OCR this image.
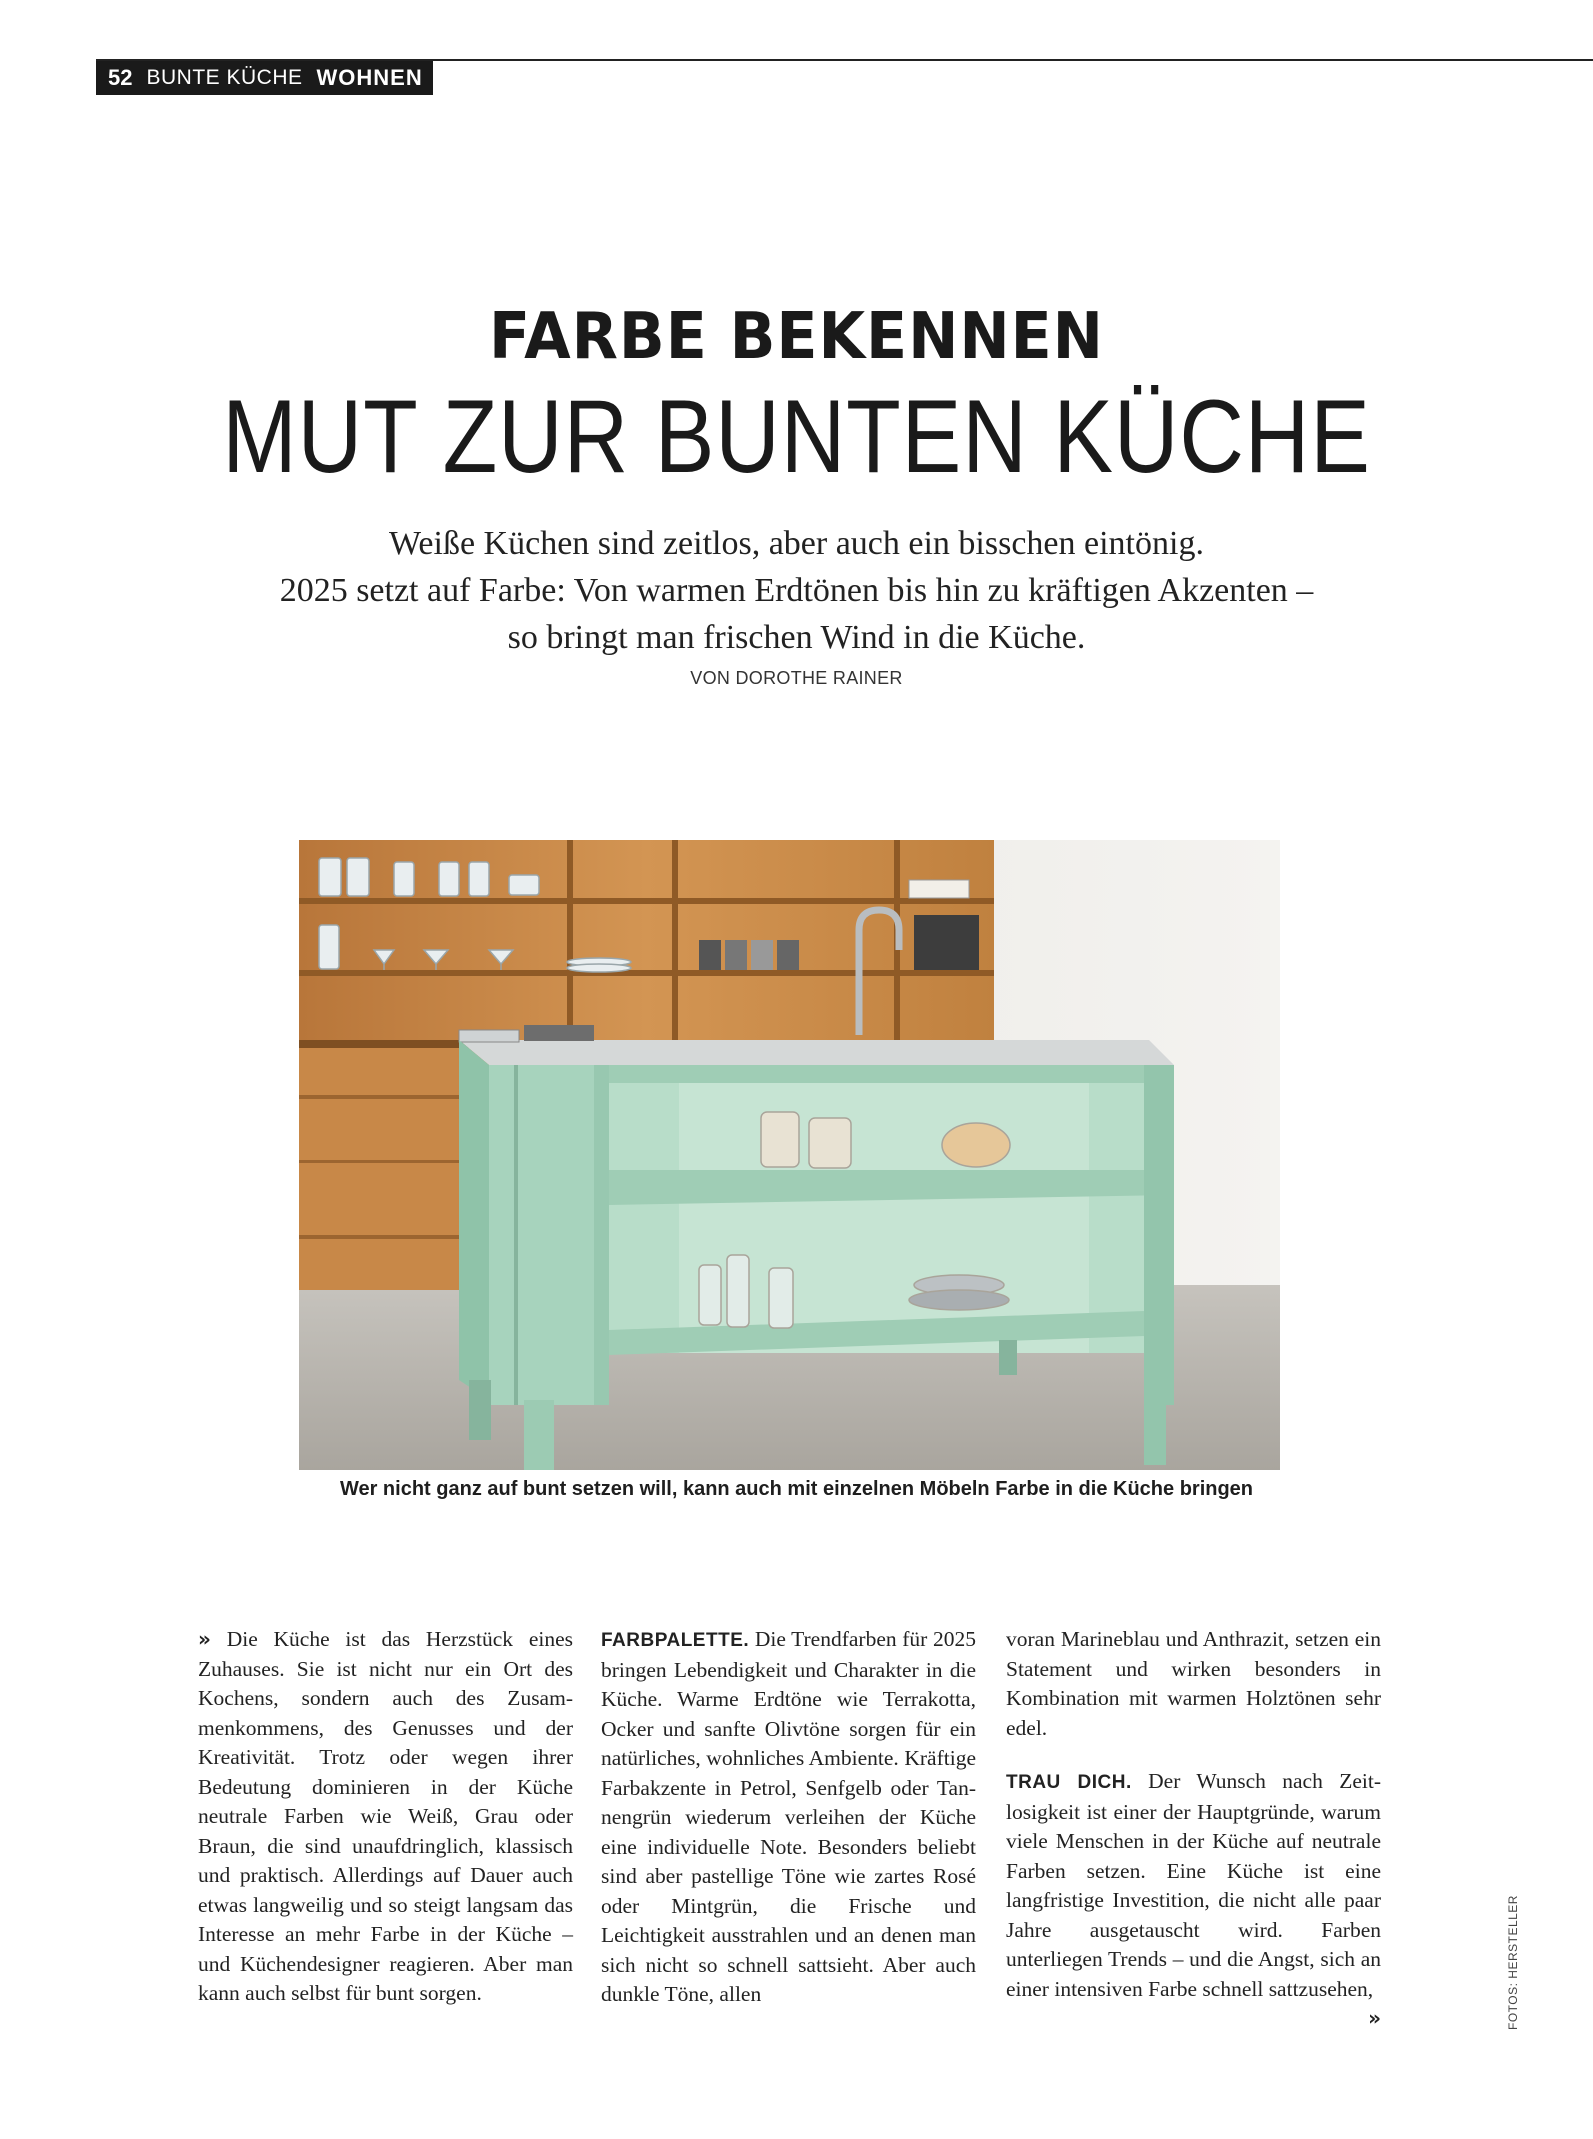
52 BUNTE KÜCHE WOHNEN
FARBE BEKENNEN
MUT ZUR BUNTEN KÜCHE
Weiße Küchen sind zeitlos, aber auch ein bisschen eintönig.
2025 setzt auf Farbe: Von warmen Erdtönen bis hin zu kräftigen Akzenten –
so bringt man frischen Wind in die Küche.
VON DOROTHE RAINER
Wer nicht ganz auf bunt setzen will, kann auch mit einzelnen Möbeln Farbe in die Küche bringen

» Die Küche ist das Herzstück eines Zuhauses. Sie ist nicht nur ein Ort des Kochens, sondern auch des Zusammenkommens, des Genusses und der Kreativität. Trotz oder wegen ihrer Bedeutung dominieren in der Küche neutrale Farben wie Weiß, Grau oder Braun, die sind unaufdringlich, klassisch und praktisch. Allerdings auf Dauer auch etwas langweilig und so steigt langsam das Interesse an mehr Farbe in der Küche – und Küchendesigner reagieren. Aber man kann auch selbst für bunt sorgen.

FARBPALETTE. Die Trendfarben für 2025 bringen Lebendigkeit und Charakter in die Küche. Warme Erdtöne wie Terrakotta, Ocker und sanfte Olivtöne sorgen für ein natürliches, wohnliches Ambiente. Kräftige Farbakzente in Petrol, Senfgelb oder Tannengrün wiederum verleihen der Küche eine individuelle Note. Besonders beliebt sind aber pastellige Töne wie zartes Rosé oder Mintgrün, die Frische und Leichtigkeit ausstrahlen und an denen man sich nicht so schnell sattsieht. Aber auch dunkle Töne, allen

voran Marineblau und Anthrazit, setzen ein Statement und wirken besonders in Kombination mit warmen Holztönen sehr edel.

TRAU DICH. Der Wunsch nach Zeitlosigkeit ist einer der Hauptgründe, warum viele Menschen in der Küche auf neutrale Farben setzen. Eine Küche ist eine langfristige Investition, die nicht alle paar Jahre ausgetauscht wird. Farben unterliegen Trends – und die Angst, sich an einer intensiven Farbe schnell sattzusehen,
»	FOTOS: HERSTELLER
